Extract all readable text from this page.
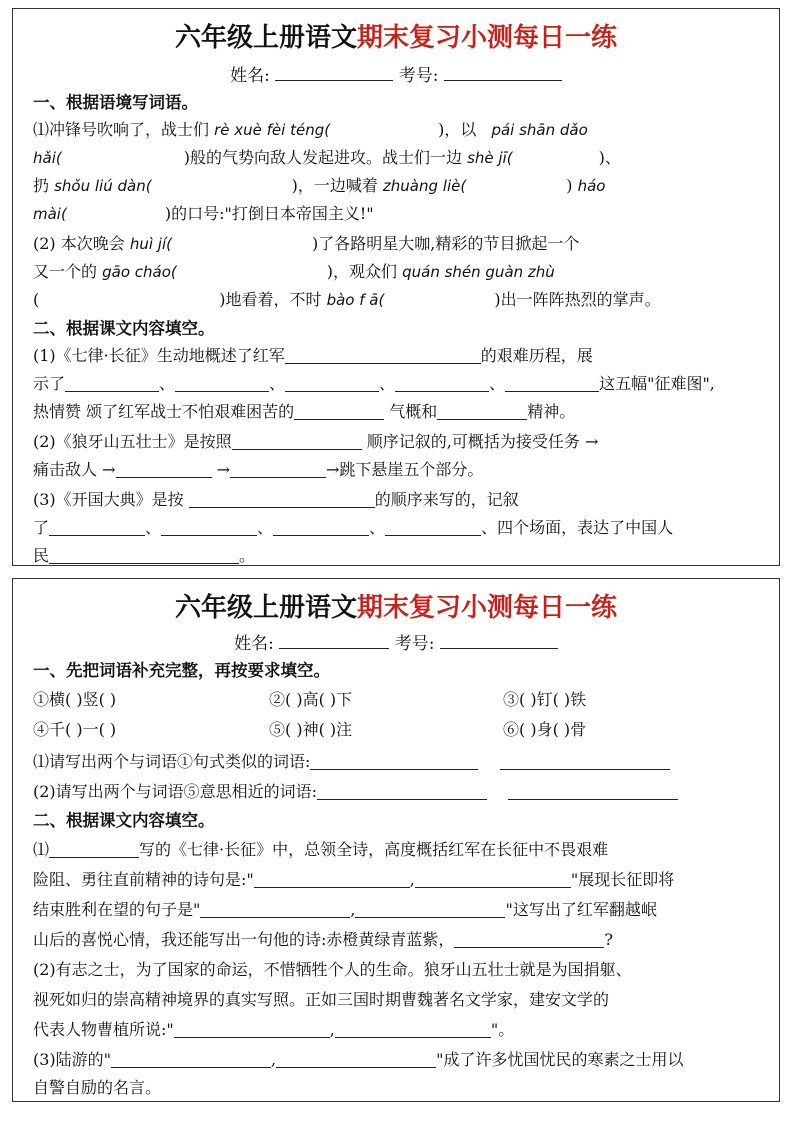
六年级上册语文期末复习小测每日一练
姓名:	考号:
一、根据语境写词语。
⑴冲锋号吹响了，战士们 rè xuè fèi téng(	)，以 pái shān dǎo
hǎi(	)般的气势向敌人发起进攻。战士们一边 shè jī(	)、
扔 shǒu liú dàn(	)，一边喊着 zhuàng liè(	) háo
mài(	)的口号:"打倒日本帝国主义!"
(2) 本次晚会 huì jí(	)了各路明星大咖,精彩的节目掀起一个
又一个的 gāo cháo(	)，观众们 quán shén guàn zhù
(	)地看着，不时 bào f ā(	)出一阵阵热烈的掌声。
二、根据课文内容填空。
(1)《七律·长征》生动地概述了红军	的艰难历程，展
示了	、	、	、	、	这五幅"征难图",
热情赞 颂了红军战士不怕艰难困苦的	气概和	精神。
(2)《狼牙山五壮士》是按照	顺序记叙的,可概括为接受任务 →
痛击敌人 →	→	→跳下悬崖五个部分。
(3)《开国大典》是按	的顺序来写的，记叙
了	、	、	、	、四个场面，表达了中国人
民	。
六年级上册语文期末复习小测每日一练
姓名:	考号:
一、先把词语补充完整，再按要求填空。
①横( )竖( )	②( )高( )下	③( )钉( )铁
④千( )一( )	⑤( )神( )注	⑥( )身( )骨
⑴请写出两个与词语①句式类似的词语:
(2)请写出两个与词语⑤意思相近的词语:
二、根据课文内容填空。
⑴	写的《七律·长征》中，总领全诗，高度概括红军在长征中不畏艰难
险阻、勇往直前精神的诗句是:"	,	"展现长征即将
结束胜利在望的句子是"	,	"这写出了红军翻越岷
山后的喜悦心情，我还能写出一句他的诗:赤橙黄绿青蓝紫，	?
(2)有志之士，为了国家的命运，不惜牺牲个人的生命。狼牙山五壮士就是为国捐躯、
视死如归的崇高精神境界的真实写照。正如三国时期曹魏著名文学家，建安文学的
代表人物曹植所说:"	,	"。
(3)陆游的"	,	"成了许多忧国忧民的寒素之士用以
自警自励的名言。
